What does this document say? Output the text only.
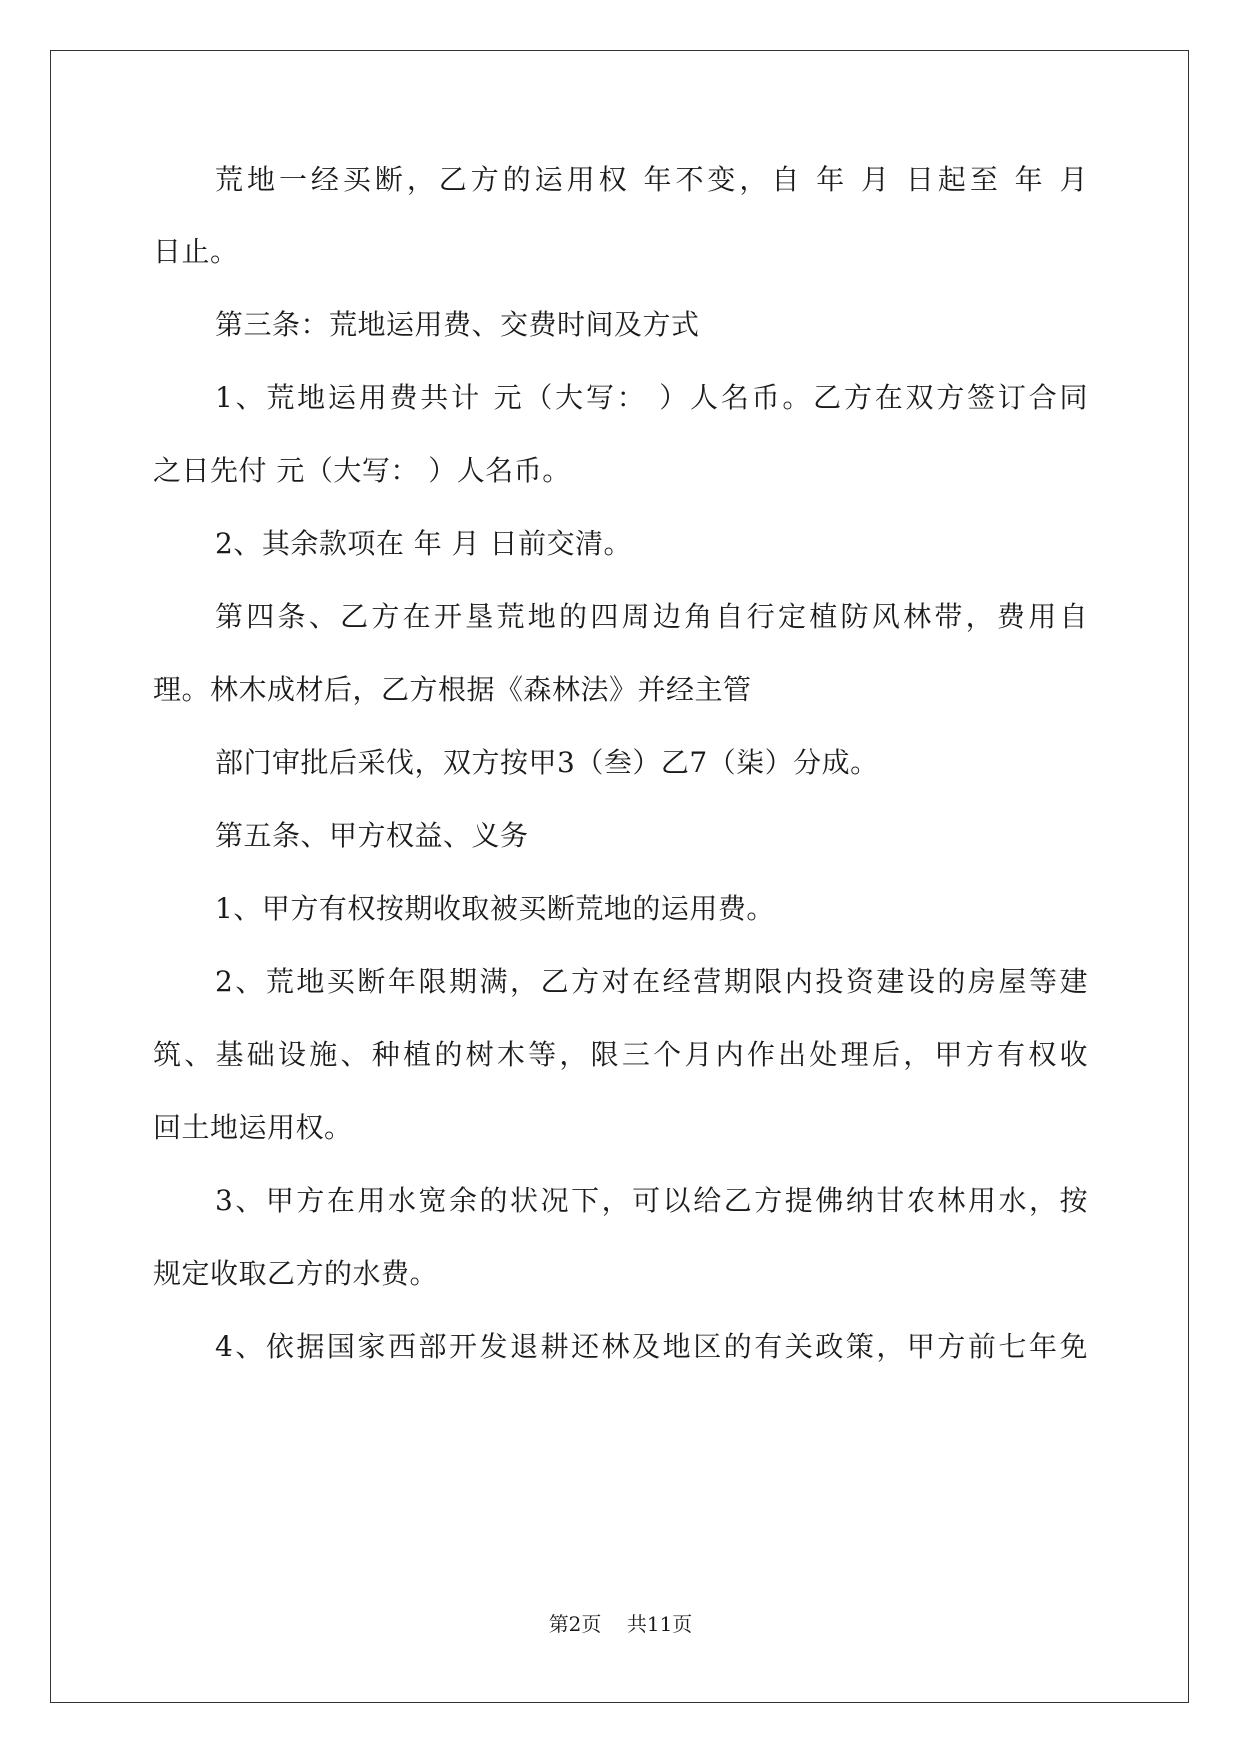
荒地一经买断，乙方的运用权 年不变，自 年 月 日起至 年 月
日止。
第三条：荒地运用费、交费时间及方式
1、荒地运用费共计 元（大写： ）人名币。乙方在双方签订合同
之日先付 元（大写： ）人名币。
2、其余款项在 年 月 日前交清。
第四条、乙方在开垦荒地的四周边角自行定植防风林带，费用自
理。林木成材后，乙方根据《森林法》并经主管
部门审批后采伐，双方按甲3（叁）乙7（柒）分成。
第五条、甲方权益、义务
1、甲方有权按期收取被买断荒地的运用费。
2、荒地买断年限期满，乙方对在经营期限内投资建设的房屋等建
筑、基础设施、种植的树木等，限三个月内作出处理后，甲方有权收
回土地运用权。
3、甲方在用水宽余的状况下，可以给乙方提佛纳甘农林用水，按
规定收取乙方的水费。
4、依据国家西部开发退耕还林及地区的有关政策，甲方前七年免
第2页    共11页
